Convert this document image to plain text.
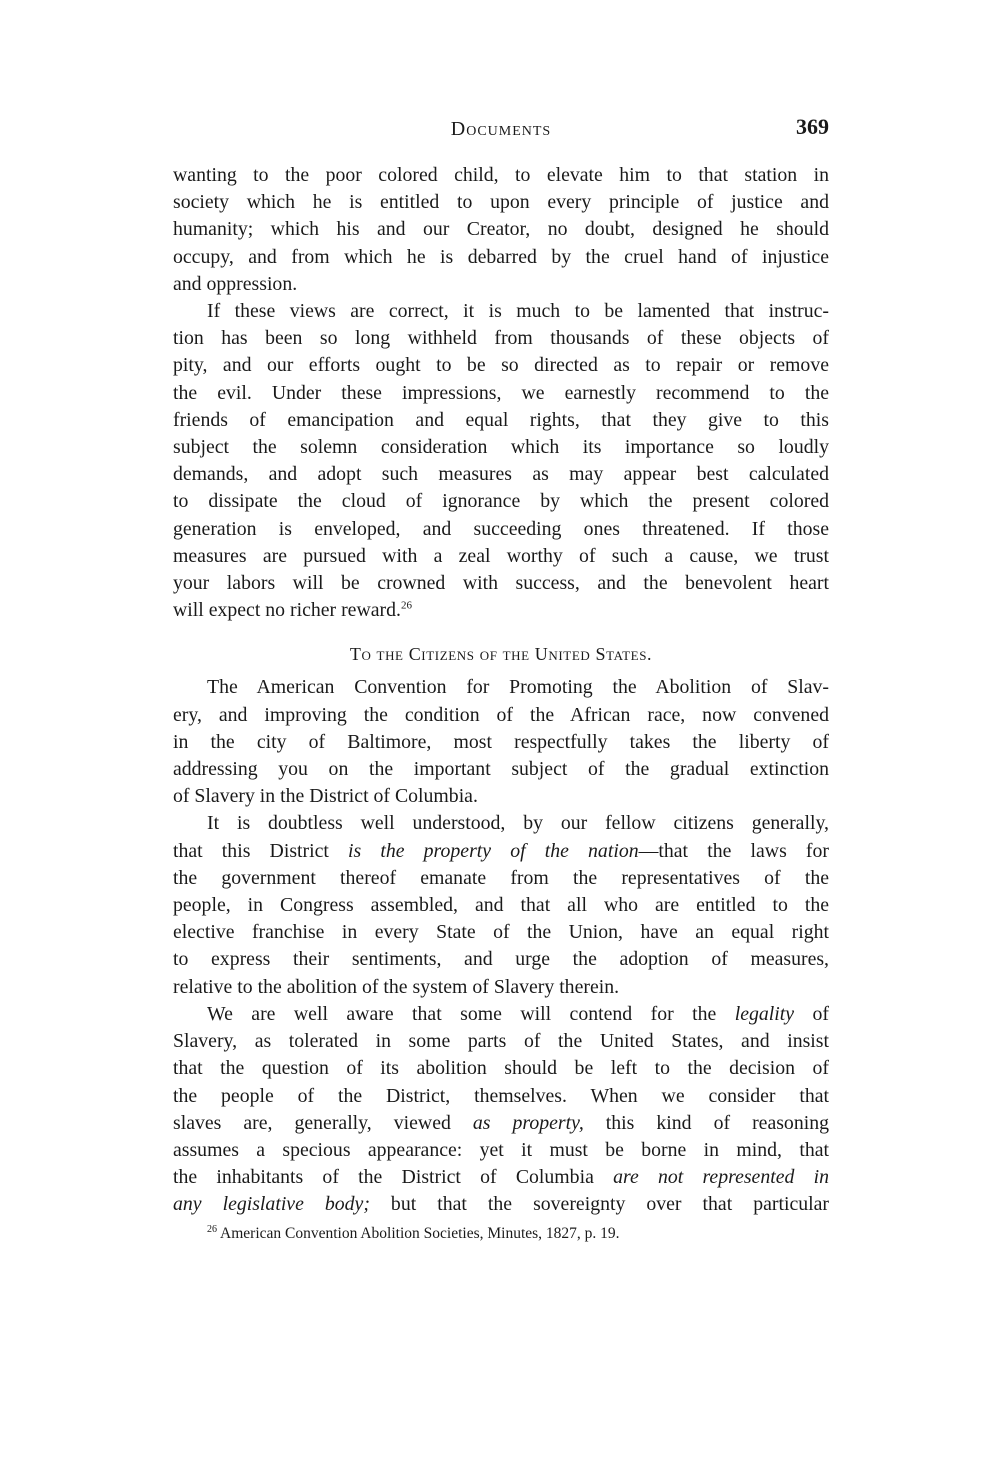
Documents	369

wanting to the poor colored child, to elevate him to that station in
society which he is entitled to upon every principle of justice and
humanity; which his and our Creator, no doubt, designed he should
occupy, and from which he is debarred by the cruel hand of injustice
and oppression.

If these views are correct, it is much to be lamented that instruc-
tion has been so long withheld from thousands of these objects of
pity, and our efforts ought to be so directed as to repair or remove
the evil. Under these impressions, we earnestly recommend to the
friends of emancipation and equal rights, that they give to this
subject the solemn consideration which its importance so loudly
demands, and adopt such measures as may appear best calculated
to dissipate the cloud of ignorance by which the present colored
generation is enveloped, and succeeding ones threatened. If those
measures are pursued with a zeal worthy of such a cause, we trust
your labors will be crowned with success, and the benevolent heart
will expect no richer reward.$^{26}$

To the Citizens of the United States.

The American Convention for Promoting the Abolition of Slav-
ery, and improving the condition of the African race, now convened
in the city of Baltimore, most respectfully takes the liberty of
addressing you on the important subject of the gradual extinction
of Slavery in the District of Columbia.

It is doubtless well understood, by our fellow citizens generally,
that this District is the property of the nation—that the laws for
the government thereof emanate from the representatives of the
people, in Congress assembled, and that all who are entitled to the
elective franchise in every State of the Union, have an equal right
to express their sentiments, and urge the adoption of measures,
relative to the abolition of the system of Slavery therein.

We are well aware that some will contend for the legality of
Slavery, as tolerated in some parts of the United States, and insist
that the question of its abolition should be left to the decision of
the people of the District, themselves. When we consider that
slaves are, generally, viewed as property, this kind of reasoning
assumes a specious appearance: yet it must be borne in mind, that
the inhabitants of the District of Columbia are not represented in
any legislative body; but that the sovereignty over that particular

$^{26}$ American Convention Abolition Societies, Minutes, 1827, p. 19.
